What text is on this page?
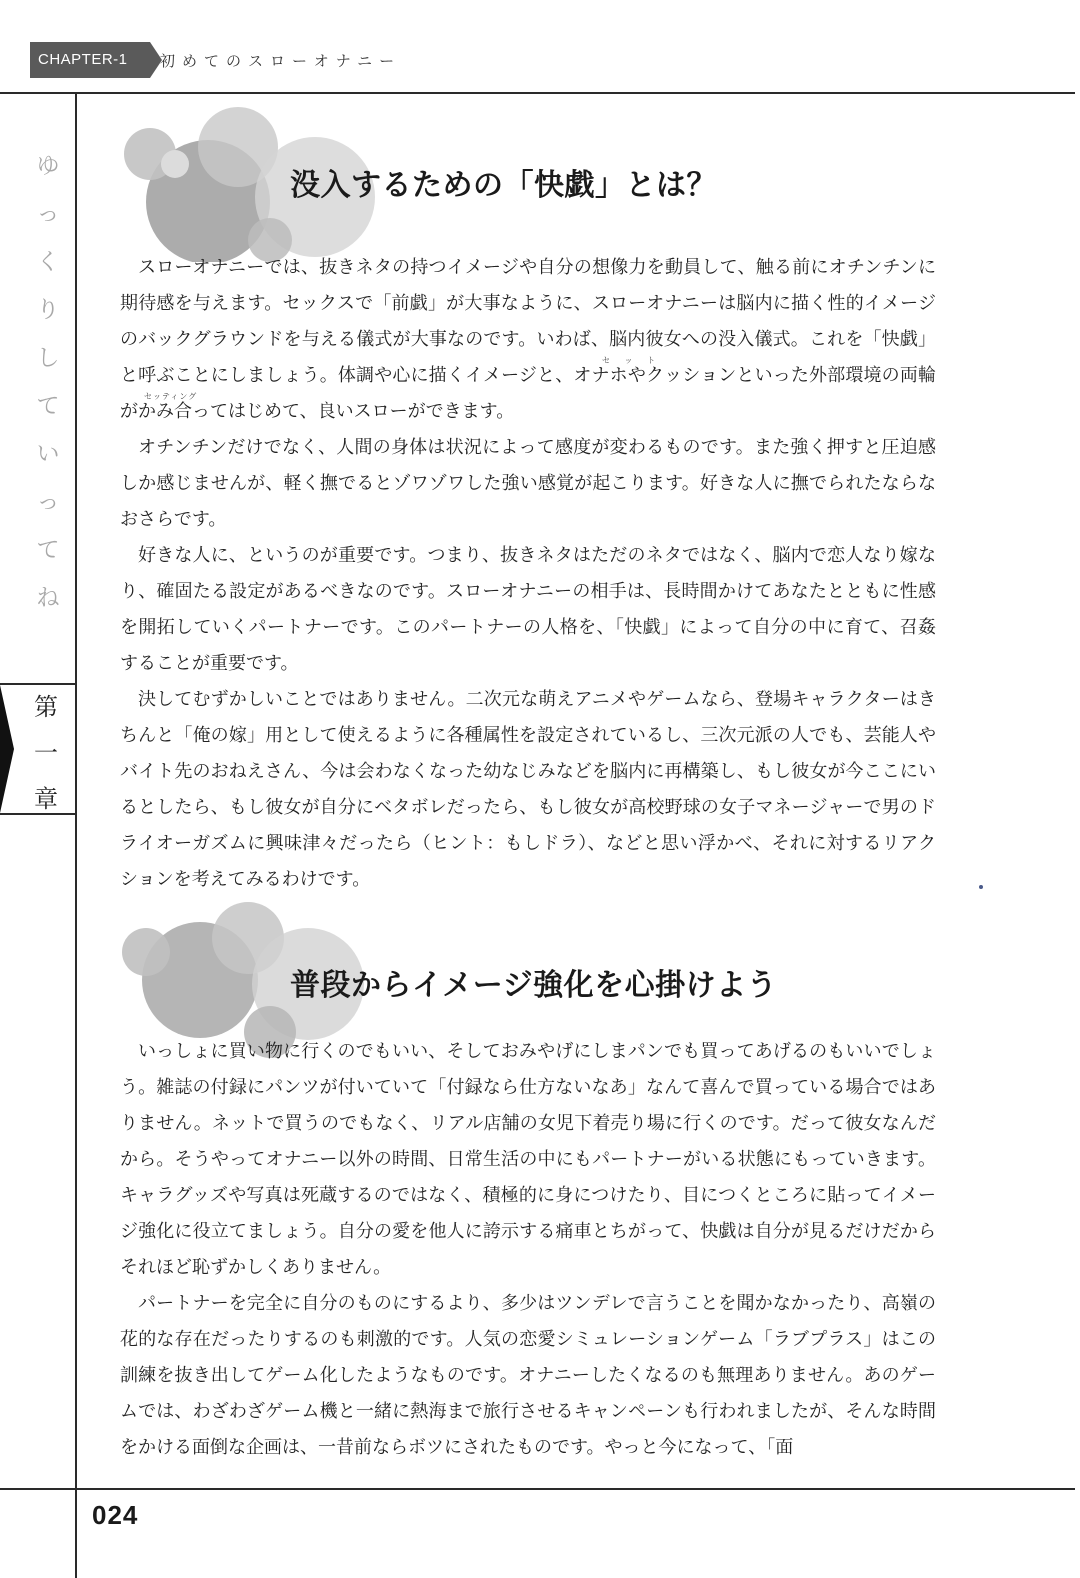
CHAPTER-1	初めてのスローオナニー
ゆ
っ
く
り
し
て
い
っ
て
ね
第
一
章
没入するための「快戯」とは？

スローオナニーでは、抜きネタの持つイメージや自分の想像力を動員して、触る前にオチンチンに期待感を与えます。セックスで「前戯」が大事なように、スローオナニーは脳内に描く性的イメージのバックグラウンドを与える儀式が大事なのです。いわば、脳内彼女への没入儀式。これを「快戯」と呼ぶことにしましょう。体調や心に描くイメージと、オナホやクッションといった外部環境の両輪がかみ合ってはじめて、良いスローができます。

オチンチンだけでなく、人間の身体は状況によって感度が変わるものです。また強く押すと圧迫感しか感じませんが、軽く撫でるとゾワゾワした強い感覚が起こります。好きな人に撫でられたならなおさらです。

好きな人に、というのが重要です。つまり、抜きネタはただのネタではなく、脳内で恋人なり嫁なり、確固たる設定があるべきなのです。スローオナニーの相手は、長時間かけてあなたとともに性感を開拓していくパートナーです。このパートナーの人格を、「快戯」によって自分の中に育て、召姦することが重要です。

決してむずかしいことではありません。二次元な萌えアニメやゲームなら、登場キャラクターはきちんと「俺の嫁」用として使えるように各種属性を設定されているし、三次元派の人でも、芸能人やバイト先のおねえさん、今は会わなくなった幼なじみなどを脳内に再構築し、もし彼女が今ここにいるとしたら、もし彼女が自分にベタボレだったら、もし彼女が高校野球の女子マネージャーで男のドライオーガズムに興味津々だったら（ヒント：もしドラ）、などと思い浮かべ、それに対するリアクションを考えてみるわけです。

セ ッ ト
セッティング
普段からイメージ強化を心掛けよう

いっしょに買い物に行くのでもいい、そしておみやげにしまパンでも買ってあげるのもいいでしょう。雑誌の付録にパンツが付いていて「付録なら仕方ないなあ」なんて喜んで買っている場合ではありません。ネットで買うのでもなく、リアル店舗の女児下着売り場に行くのです。だって彼女なんだから。そうやってオナニー以外の時間、日常生活の中にもパートナーがいる状態にもっていきます。キャラグッズや写真は死蔵するのではなく、積極的に身につけたり、目につくところに貼ってイメージ強化に役立てましょう。自分の愛を他人に誇示する痛車とちがって、快戯は自分が見るだけだからそれほど恥ずかしくありません。

パートナーを完全に自分のものにするより、多少はツンデレで言うことを聞かなかったり、高嶺の花的な存在だったりするのも刺激的です。人気の恋愛シミュレーションゲーム「ラブプラス」はこの訓練を抜き出してゲーム化したようなものです。オナニーしたくなるのも無理ありません。あのゲームでは、わざわざゲーム機と一緒に熱海まで旅行させるキャンペーンも行われましたが、そんな時間をかける面倒な企画は、一昔前ならボツにされたものです。やっと今になって、「面

024
